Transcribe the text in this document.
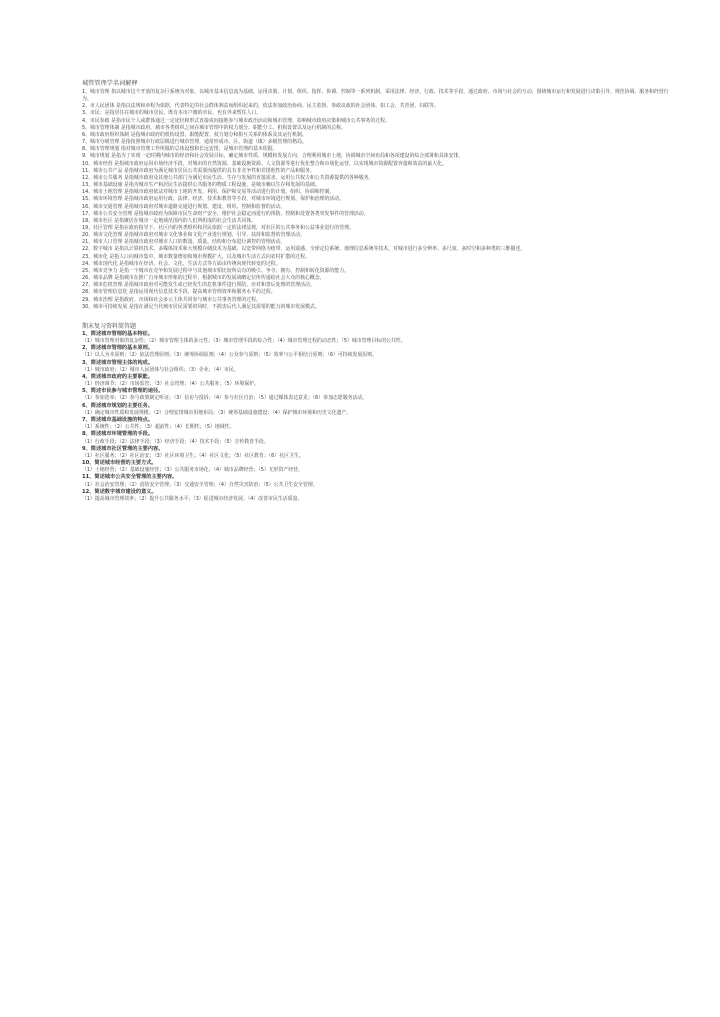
城管管理学名词解释
1、城市管理 指以城市这个开放的复杂巨系统为对象，以城市基本信息流为基础，运用决策、计划、组织、指挥、协调、控制等一系列机制，采用法律、经济、行政、技术等手段，通过政府、市场与社会的互动，围绕城市运行和发展进行决策引导、规范协调、服务和经营行为。
2、市人民团体 是指以法规和章程为依据，代表特定的社会群体利益而组织起来的，依法参加政治协商、民主监督、参政议政的社会团体，如工会、共青团、妇联等。
3、市民：是指居住在城市的城市居民，既有本市户籍的市民，也有外来暂住人口。
4、市民参政 是指市民个人或群体通过一定途径和形式直接或间接地参与城市政治活动和城市管理，影响城市政府决策和城市公共事务的过程。
5、城市管理体制 是指城市政府、城市各类组织之间在城市管理中的权力划分、职能分工、机构设置以及运行机制的总称。
6、城市政府组织体制 是指城市政府的机构设置、职能配置、权力划分和相互关系的体系及其运行机制。
7、城市分级管理 是指按照城市行政层级进行城市管理，通常形成市、区、街道（镇）多级管理的格局。
8、城市管理规划 指对城市管理工作所做的总体设想和长远安排，是城市管理的基本依据。
9、城市规划 是指为了实现一定时期内城市的经济和社会发展目标，确定城市性质、规模和发展方向，合理利用城市土地，协调城市空间布局和各项建设的综合部署和具体安排。
10、城市经营 是指城市政府运用市场经济手段，对城市的自然资源、基础设施资源、人文资源等进行优化整合和市场化运营，以实现城市资源配置容量和效益的最大化。
11、城市公共产品 是指城市政府为满足城市居民公共需要而提供的具有非竞争性和非排他性的产品和服务。
12、城市公共服务 是指城市政府及其他公共部门为满足市民生活、生存与发展的直接需求，运用公共权力和公共资源提供的各种服务。
13、城市基础设施 是指为城市生产和居民生活提供公共服务的物质工程设施，是城市赖以生存和发展的基础。
14、城市土地管理 是指城市政府依法对城市土地的开发、利用、保护和交易等活动进行的计划、组织、协调和控制。
15、城市环境管理 是指城市政府运用行政、法律、经济、技术和教育等手段，对城市环境进行规划、保护和治理的活动。
16、城市交通管理 是指城市政府对城市道路交通进行规划、建设、组织、控制和监督的活动。
17、城市公共安全管理 是指城市政府为保障市民生命财产安全、维护社会稳定而进行的预防、控制和处置各类突发事件的管理活动。
18、城市社区 是指聚居在城市一定地域范围内的人们所组成的社会生活共同体。
19、社区管理 是指在政府指导下，社区内的各类组织和居民依据一定的法律法规，对社区的公共事务和公益事业进行的管理。
20、城市文化管理 是指城市政府对城市文化事业和文化产业进行规划、引导、扶持和监督的管理活动。
21、城市人口管理 是指城市政府对城市人口的数量、质量、结构和分布进行调控的管理活动。
22、数字城市 是指以计算机技术、多媒体技术和大规模存储技术为基础，以宽带网络为纽带，运用遥感、全球定位系统、地理信息系统等技术，对城市进行多分辨率、多尺度、多时空和多种类的三维描述。
23、城市化 是指人口向城市集中、城市数量增加和城市规模扩大，以及城市生活方式向农村扩散的过程。
24、城市现代化 是指城市在经济、社会、文化、生活方式等方面由传统向现代转变的过程。
25、城市竞争力 是指一个城市在竞争和发展过程中与其他城市相比较所具有的吸引、争夺、拥有、控制和转化资源的能力。
26、城市品牌 是指城市在推广自身城市形象的过程中，根据城市的发展战略定位所传递给社会大众的核心概念。
27、城市危机管理 是指城市政府对可能发生或已经发生的危机事件进行预防、应对和善后处理的管理活动。
28、城市管理信息化 是指运用现代信息技术手段，提高城市管理效率和服务水平的过程。
29、城市治理 是指政府、市场和社会多元主体共同参与城市公共事务管理的过程。
30、城市可持续发展 是指在满足当代城市居民需要的同时，不损害后代人满足其需要的能力的城市发展模式。
期末复习资料简答题
1、简述城市管理的基本特征。
（1）城市管理对象的复杂性；（2）城市管理主体的多元性；（3）城市管理手段的综合性；（4）城市管理过程的动态性；（5）城市管理目标的公共性。
2、简述城市管理的基本原则。
（1）以人为本原则；（2）依法管理原则；（3）统筹协调原则；（4）公众参与原则；（5）效率与公平相结合原则；（6）可持续发展原则。
3、简述城市管理主体的构成。
（1）城市政府；（2）城市人民团体与社会组织；（3）企业；（4）市民。
4、简述城市政府的主要职能。
（1）经济调节；（2）市场监管；（3）社会管理；（4）公共服务；（5）环境保护。
5、简述市民参与城市管理的途径。
（1）参加选举；（2）参与政策制定听证；（3）信访与投诉；（4）参与社区自治；（5）通过媒体表达意见；（6）参加志愿服务活动。
6、简述城市规划的主要任务。
（1）确定城市性质和发展规模；（2）合理安排城市用地布局；（3）统筹基础设施建设；（4）保护城市环境和历史文化遗产。
7、简述城市基础设施的特点。
（1）系统性；（2）公共性；（3）超前性；（4）长期性；（5）地域性。
8、简述城市环境管理的手段。
（1）行政手段；（2）法律手段；（3）经济手段；（4）技术手段；（5）宣传教育手段。
9、简述城市社区管理的主要内容。
（1）社区服务；（2）社区治安；（3）社区环境卫生；（4）社区文化；（5）社区教育；（6）社区卫生。
10、简述城市经营的主要方式。
（1）土地经营；（2）基础设施经营；（3）公共服务市场化；（4）城市品牌经营；（5）无形资产经营。
11、简述城市公共安全管理的主要内容。
（1）社会治安管理；（2）消防安全管理；（3）交通安全管理；（4）自然灾害防治；（5）公共卫生安全管理。
12、简述数字城市建设的意义。
（1）提高城市管理效率；（2）提升公共服务水平；（3）促进城市经济发展；（4）改善市民生活质量。
